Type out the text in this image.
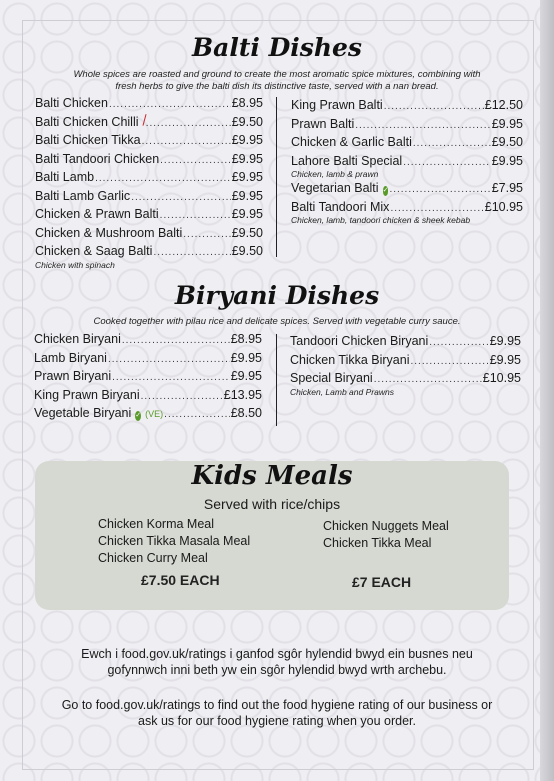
Balti Dishes
Whole spices are roasted and ground to create the most aromatic spice mixtures, combining with fresh herbs to give the balti dish its distinctive taste, served with a nan bread.
Balti Chicken .....	£8.95
Balti Chicken Chilli .....	£9.50
Balti Chicken Tikka .....	£9.95
Balti Tandoori Chicken .....	£9.95
Balti Lamb .....	£9.95
Balti Lamb Garlic .....	£9.95
Chicken & Prawn Balti .....	£9.95
Chicken & Mushroom Balti .....	£9.50
Chicken & Saag Balti .....	£9.50
Chicken with spinach
King Prawn Balti .....	£12.50
Prawn Balti .....	£9.95
Chicken & Garlic Balti .....	£9.50
Lahore Balti Special .....	£9.95
Chicken, lamb & prawn
Vegetarian Balti ✓ .....	£7.95
Balti Tandoori Mix .....	£10.95
Chicken, lamb, tandoori chicken & sheek kebab
Biryani Dishes
Cooked together with pilau rice and delicate spices. Served with vegetable curry sauce.
Chicken Biryani .....	£8.95
Lamb Biryani .....	£9.95
Prawn Biryani .....	£9.95
King Prawn Biryani .....	£13.95
Vegetable Biryani ✓ (VE) .....	£8.50
Tandoori Chicken Biryani .....	£9.95
Chicken Tikka Biryani .....	£9.95
Special Biryani .....	£10.95
Chicken, Lamb and Prawns
Kids Meals
Served with rice/chips
Chicken Korma Meal
Chicken Tikka Masala Meal
Chicken Curry Meal
Chicken Nuggets Meal
Chicken Tikka Meal
£7.50 EACH	£7 EACH
Ewch i food.gov.uk/ratings i ganfod sgôr hylendid bwyd ein busnes neu gofynnwch inni beth yw ein sgôr hylendid bwyd wrth archebu.
Go to food.gov.uk/ratings to find out the food hygiene rating of our business or ask us for our food hygiene rating when you order.
